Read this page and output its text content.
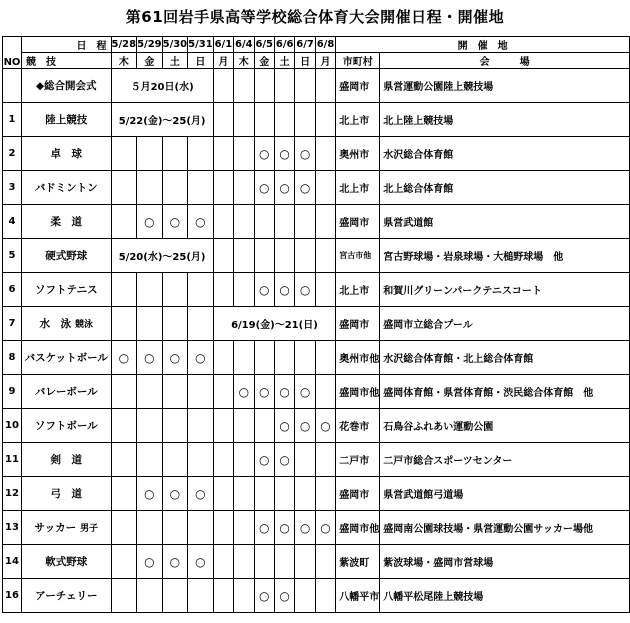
第61回岩手県高等学校総合体育大会開催日程・開催地
NO	日　程	5/28	5/29	5/30	5/31	6/1	6/4	6/5	6/6	6/7	6/8	開　催　地	
	競　技	木	金	土	日	月	木	金	土	日	月	市町村	会　　　場
	◆総合開会式	５月20日(水)										盛岡市	県営運動公園陸上競技場
1	陸上競技	5/22(金)～25(月)										北上市	北上陸上競技場
2	卓　球							○	○	○		奥州市	水沢総合体育館
3	バドミントン							○	○	○		北上市	北上総合体育館
4	柔　道		○	○	○							盛岡市	県営武道館
5	硬式野球	5/20(水)～25(月)										宮古市他	宮古野球場・岩泉球場・大槌野球場　他
6	ソフトテニス							○	○	○		北上市	和賀川グリーンパークテニスコート
7	水　泳 競泳					6/19(金)～21(日)						盛岡市	盛岡市立総合プール
8	バスケットボール	○	○	○	○							奥州市他	水沢総合体育館・北上総合体育館
9	バレーボール						○	○	○	○		盛岡市他	盛岡体育館・県営体育館・渋民総合体育館　他
10	ソフトボール								○	○	○	花巻市	石鳥谷ふれあい運動公園
11	剣　道							○	○			二戸市	二戸市総合スポーツセンター
12	弓　道		○	○	○							盛岡市	県営武道館弓道場
13	サッカー 男子							○	○	○	○	盛岡市他	盛岡南公園球技場・県営運動公園サッカー場他
14	軟式野球		○	○	○							紫波町	紫波球場・盛岡市営球場
16	アーチェリー							○	○			八幡平市	八幡平松尾陸上競技場
